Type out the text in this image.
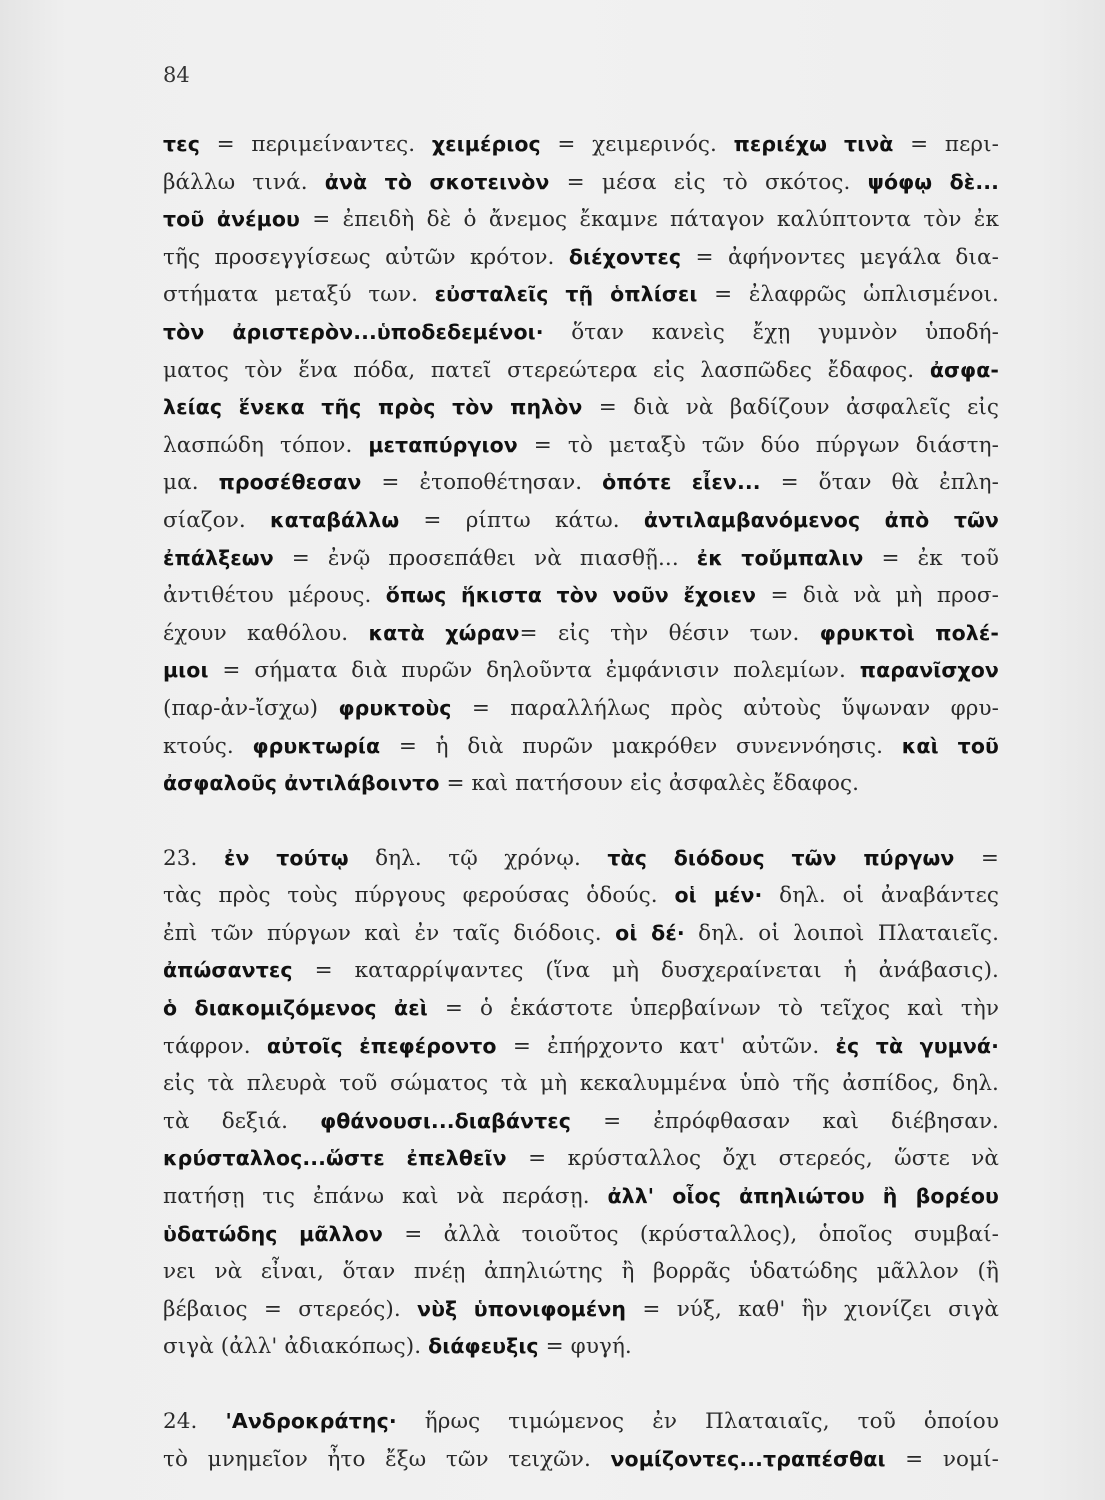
84
τες = περιμείναντες. χειμέριος = χειμερινός. περιέχω τινὰ = περι-
βάλλω τινά. ἀνὰ τὸ σκοτεινὸν = μέσα εἰς τὸ σκότος. ψόφῳ δὲ...
τοῦ ἀνέμου = ἐπειδὴ δὲ ὁ ἄνεμος ἔκαμνε πάταγον καλύπτοντα τὸν ἐκ
τῆς προσεγγίσεως αὐτῶν κρότον. διέχοντες = ἀφήνοντες μεγάλα δια-
στήματα μεταξύ των. εὐσταλεῖς τῇ ὁπλίσει = ἐλαφρῶς ὡπλισμένοι.
τὸν ἀριστερὸν...ὑποδεδεμένοι· ὅταν κανεὶς ἔχῃ γυμνὸν ὑποδή-
ματος τὸν ἕνα πόδα, πατεῖ στερεώτερα εἰς λασπῶδες ἔδαφος. ἀσφα-
λείας ἕνεκα τῆς πρὸς τὸν πηλὸν = διὰ νὰ βαδίζουν ἀσφαλεῖς εἰς
λασπώδη τόπον. μεταπύργιον = τὸ μεταξὺ τῶν δύο πύργων διάστη-
μα. προσέθεσαν = ἐτοποθέτησαν. ὁπότε εἶεν... = ὅταν θὰ ἐπλη-
σίαζον. καταβάλλω = ρίπτω κάτω. ἀντιλαμβανόμενος ἀπὸ τῶν
ἐπάλξεων = ἐνῷ προσεπάθει νὰ πιασθῇ... ἐκ τοὔμπαλιν = ἐκ τοῦ
ἀντιθέτου μέρους. ὅπως ἥκιστα τὸν νοῦν ἔχοιεν = διὰ νὰ μὴ προσ-
έχουν καθόλου. κατὰ χώραν= εἰς τὴν θέσιν των. φρυκτοὶ πολέ-
μιοι = σήματα διὰ πυρῶν δηλοῦντα ἐμφάνισιν πολεμίων. παρανῖσχον
(παρ-ἀν-ἴσχω) φρυκτοὺς = παραλλήλως πρὸς αὐτοὺς ὕψωναν φρυ-
κτούς. φρυκτωρία = ἡ διὰ πυρῶν μακρόθεν συνεννόησις. καὶ τοῦ
ἀσφαλοῦς ἀντιλάβοιντο = καὶ πατήσουν εἰς ἀσφαλὲς ἔδαφος.
23. ἐν τούτῳ δηλ. τῷ χρόνῳ. τὰς διόδους τῶν πύργων =
τὰς πρὸς τοὺς πύργους φερούσας ὁδούς. οἱ μέν· δηλ. οἱ ἀναβάντες
ἐπὶ τῶν πύργων καὶ ἐν ταῖς διόδοις. οἱ δέ· δηλ. οἱ λοιποὶ Πλαταιεῖς.
ἀπώσαντες = καταρρίψαντες (ἵνα μὴ δυσχεραίνεται ἡ ἀνάβασις).
ὁ διακομιζόμενος ἀεὶ = ὁ ἑκάστοτε ὑπερβαίνων τὸ τεῖχος καὶ τὴν
τάφρον. αὐτοῖς ἐπεφέροντο = ἐπήρχοντο κατ' αὐτῶν. ἐς τὰ γυμνά·
εἰς τὰ πλευρὰ τοῦ σώματος τὰ μὴ κεκαλυμμένα ὑπὸ τῆς ἀσπίδος, δηλ.
τὰ δεξιά. φθάνουσι...διαβάντες = ἐπρόφθασαν καὶ διέβησαν.
κρύσταλλος...ὥστε ἐπελθεῖν = κρύσταλλος ὄχι στερεός, ὥστε νὰ
πατήσῃ τις ἐπάνω καὶ νὰ περάσῃ. ἀλλ' οἷος ἀπηλιώτου ἢ βορέου
ὑδατώδης μᾶλλον = ἀλλὰ τοιοῦτος (κρύσταλλος), ὁποῖος συμβαί-
νει νὰ εἶναι, ὅταν πνέῃ ἀπηλιώτης ἢ βορρᾶς ὑδατώδης μᾶλλον (ἢ
βέβαιος = στερεός). νὺξ ὑπονιφομένη = νύξ, καθ' ἣν χιονίζει σιγὰ
σιγὰ (ἀλλ' ἀδιακόπως). διάφευξις = φυγή.
24. 'Ανδροκράτης· ἥρως τιμώμενος ἐν Πλαταιαῖς, τοῦ ὁποίου
τὸ μνημεῖον ἦτο ἔξω τῶν τειχῶν. νομίζοντες...τραπέσθαι = νομί-
